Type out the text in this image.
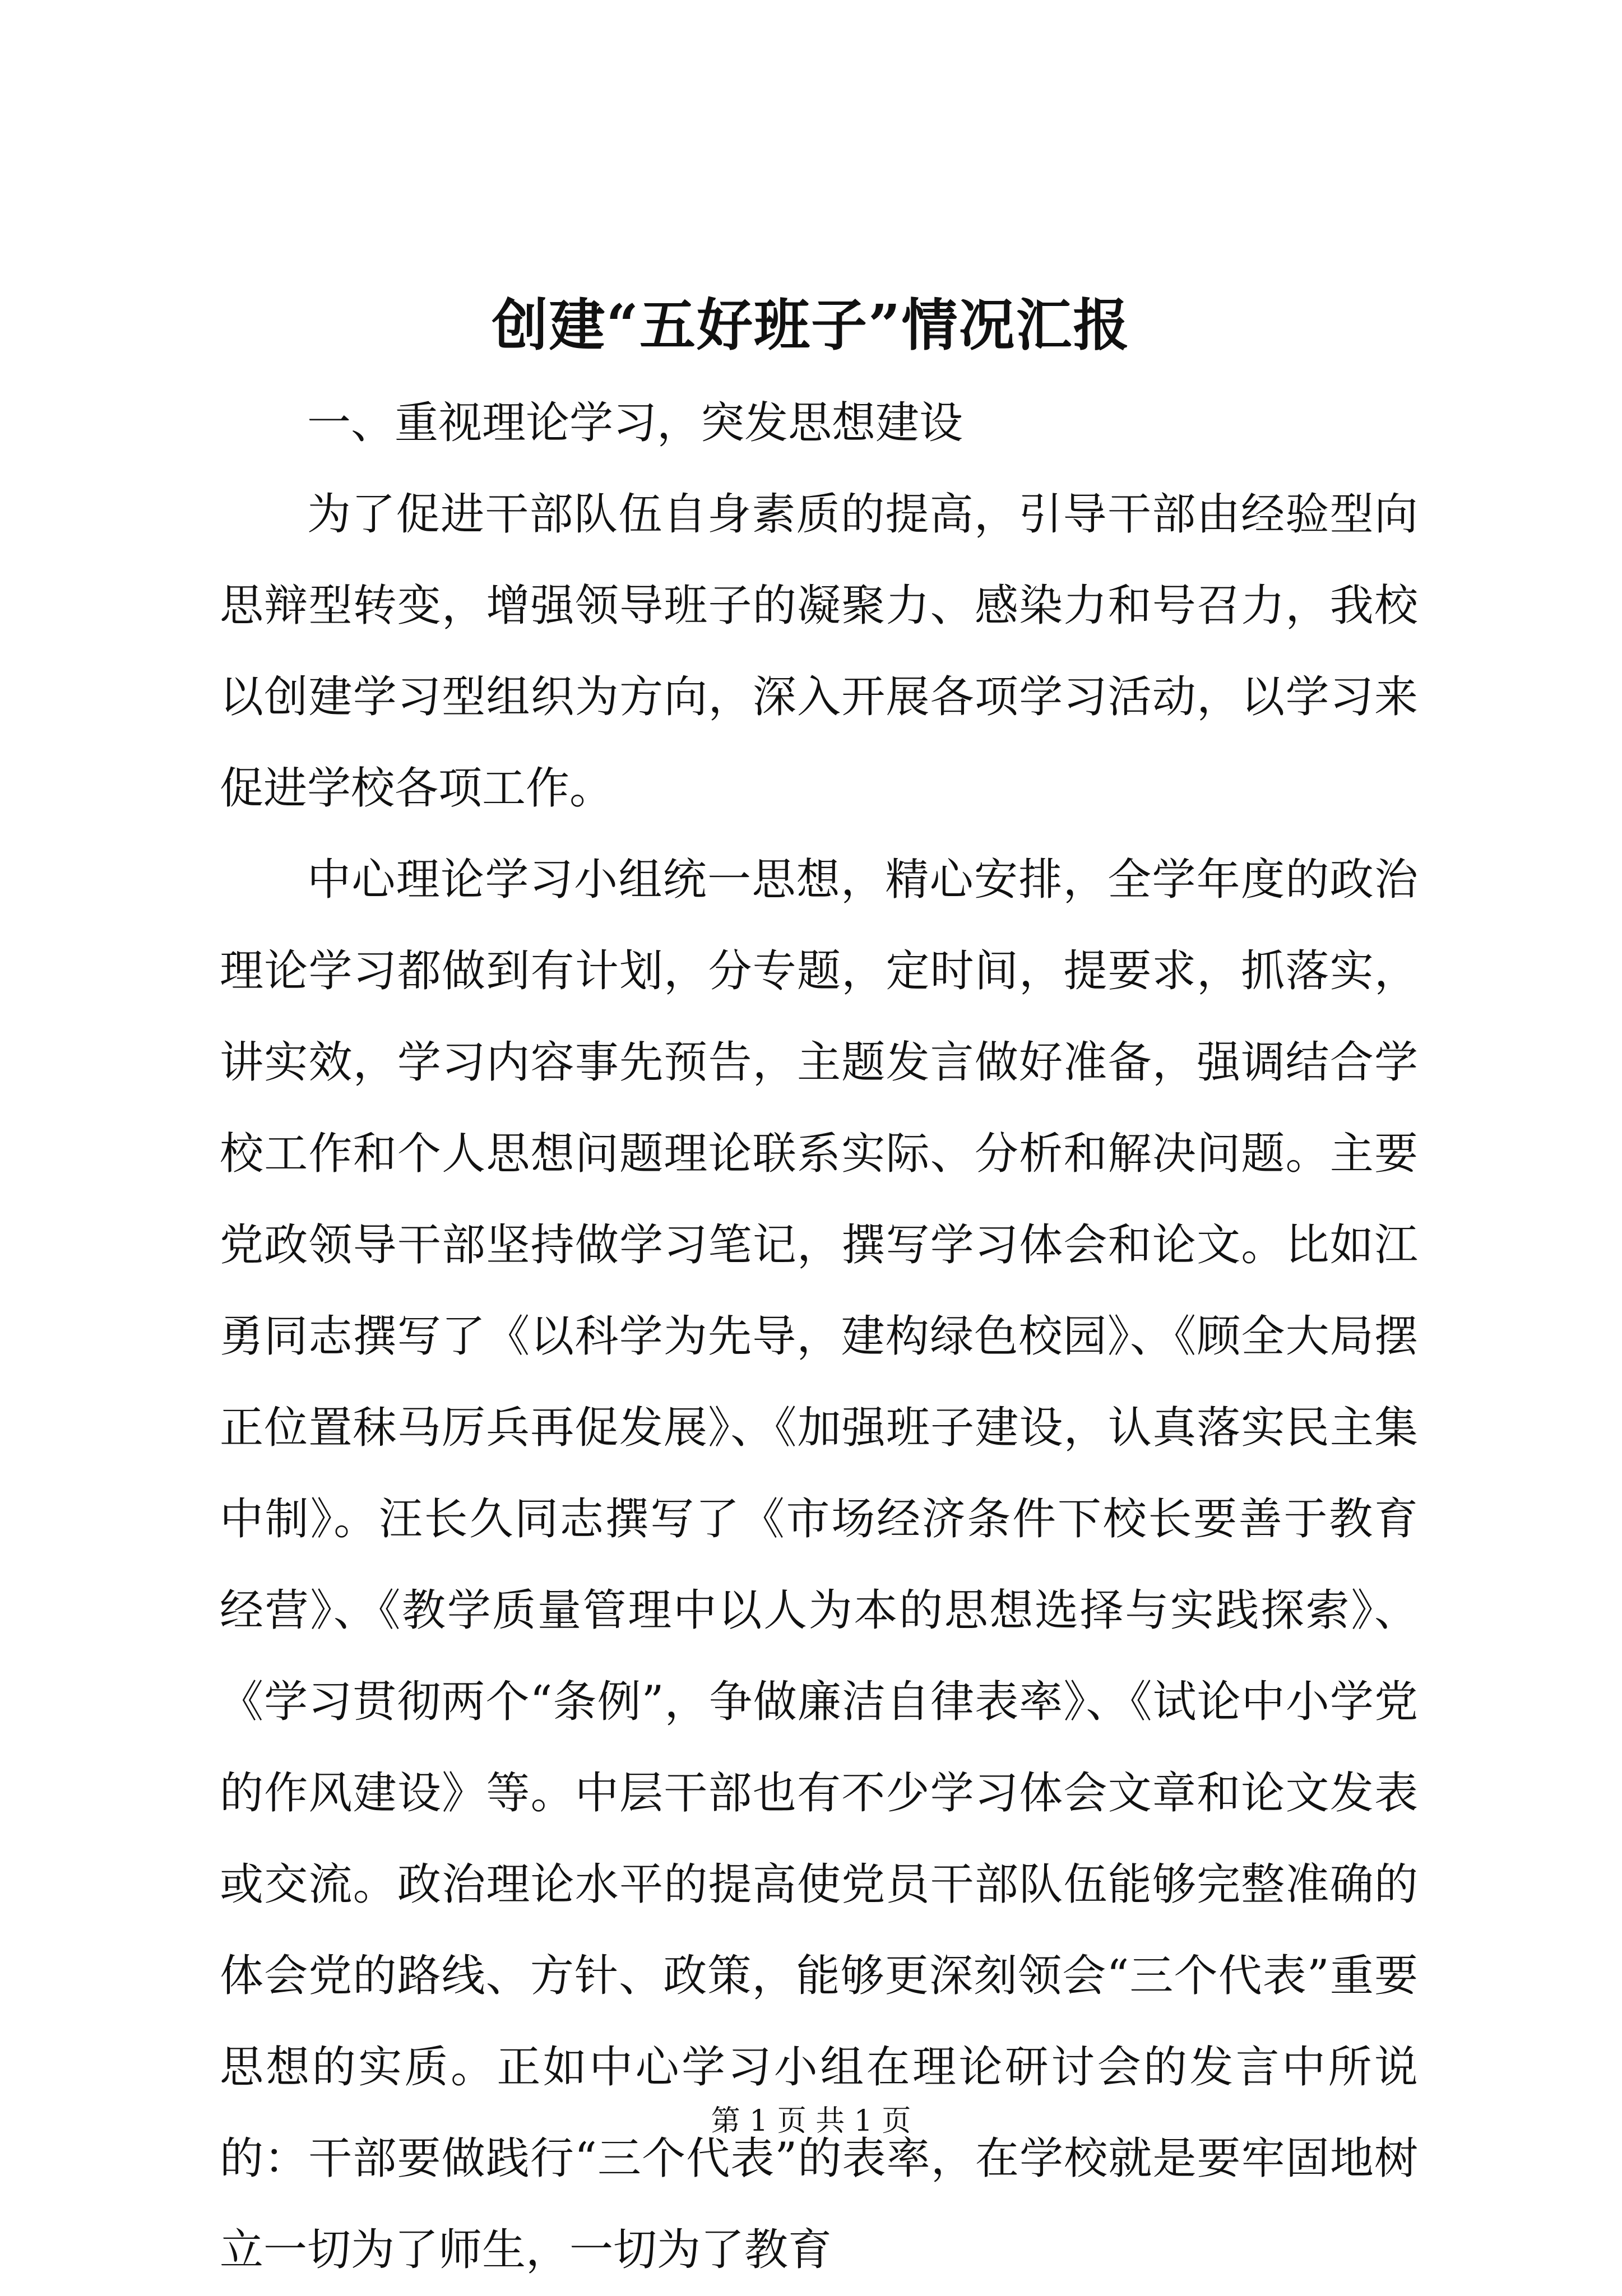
创建“五好班子”情况汇报

一、重视理论学习，突发思想建设

为了促进干部队伍自身素质的提高，引导干部由经验型向思辩型转变，增强领导班子的凝聚力、感染力和号召力，我校以创建学习型组织为方向，深入开展各项学习活动，以学习来促进学校各项工作。

中心理论学习小组统一思想，精心安排，全学年度的政治理论学习都做到有计划，分专题，定时间，提要求，抓落实，讲实效，学习内容事先预告，主题发言做好准备，强调结合学校工作和个人思想问题理论联系实际、分析和解决问题。主要党政领导干部坚持做学习笔记，撰写学习体会和论文。比如江勇同志撰写了《以科学为先导，建构绿色校园》、《顾全大局摆正位置秣马厉兵再促发展》、《加强班子建设，认真落实民主集中制》。汪长久同志撰写了《市场经济条件下校长要善于教育经营》、《教学质量管理中以人为本的思想选择与实践探索》、《学习贯彻两个“条例”，争做廉洁自律表率》、《试论中小学党的作风建设》等。中层干部也有不少学习体会文章和论文发表或交流。政治理论水平的提高使党员干部队伍能够完整准确的体会党的路线、方针、政策，能够更深刻领会“三个代表”重要思想的实质。正如中心学习小组在理论研讨会的发言中所说的：干部要做践行“三个代表”的表率，在学校就是要牢固地树立一切为了师生，一切为了教育

第 1 页 共 1 页
